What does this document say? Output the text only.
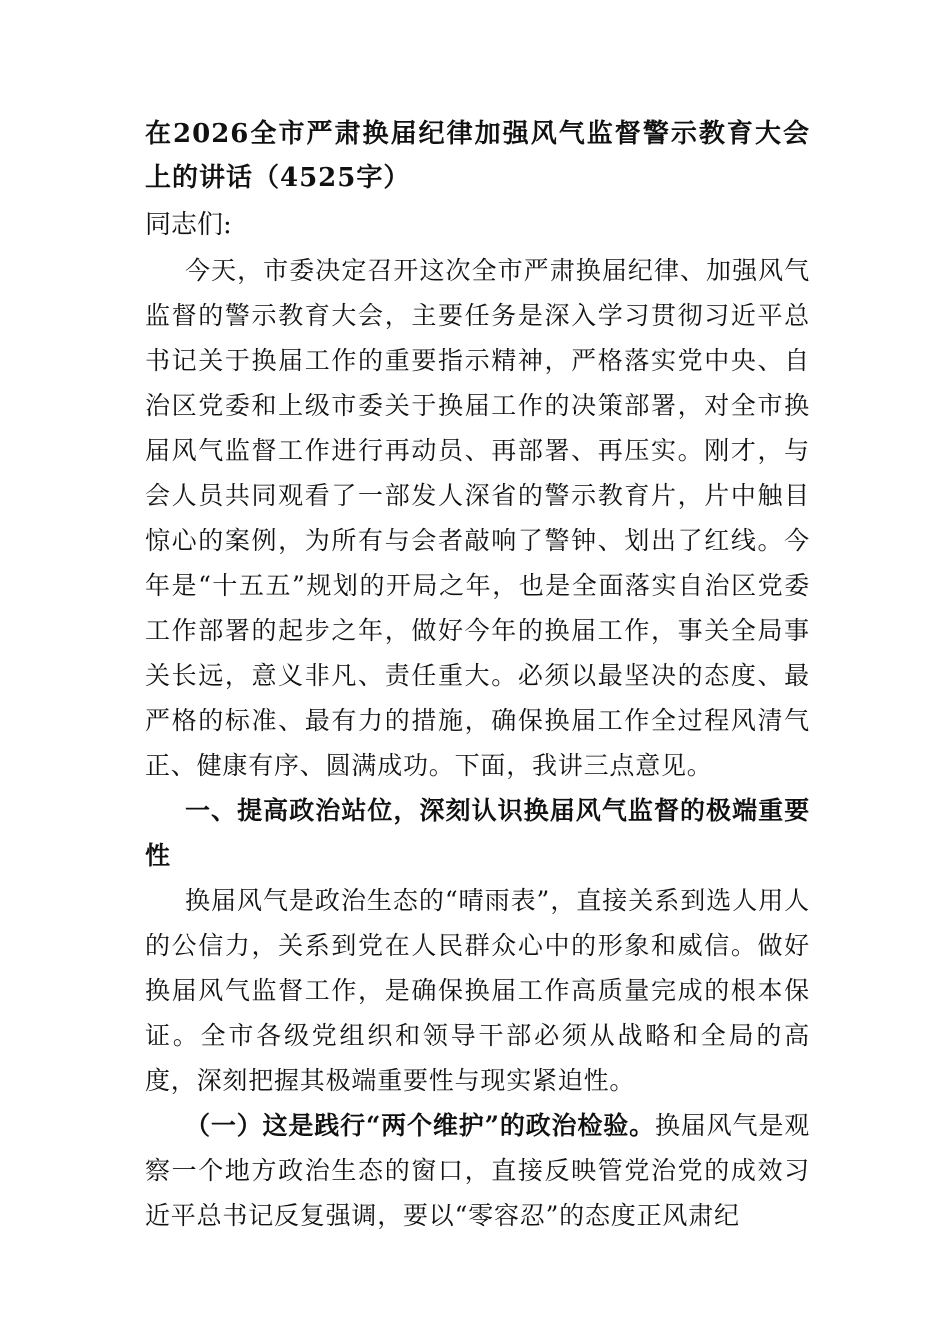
在2026全市严肃换届纪律加强风气监督警示教育大会上的讲话（4525字）
同志们:

今天，市委决定召开这次全市严肃换届纪律、加强风气监督的警示教育大会，主要任务是深入学习贯彻习近平总书记关于换届工作的重要指示精神，严格落实党中央、自治区党委和上级市委关于换届工作的决策部署，对全市换届风气监督工作进行再动员、再部署、再压实。刚才，与会人员共同观看了一部发人深省的警示教育片，片中触目惊心的案例，为所有与会者敲响了警钟、划出了红线。今年是“十五五”规划的开局之年，也是全面落实自治区党委工作部署的起步之年，做好今年的换届工作，事关全局事关长远，意义非凡、责任重大。必须以最坚决的态度、最严格的标准、最有力的措施，确保换届工作全过程风清气正、健康有序、圆满成功。下面，我讲三点意见。

一、提高政治站位，深刻认识换届风气监督的极端重要性

换届风气是政治生态的“晴雨表”，直接关系到选人用人的公信力，关系到党在人民群众心中的形象和威信。做好换届风气监督工作，是确保换届工作高质量完成的根本保证。全市各级党组织和领导干部必须从战略和全局的高度，深刻把握其极端重要性与现实紧迫性。

（一）这是践行“两个维护”的政治检验。换届风气是观察一个地方政治生态的窗口，直接反映管党治党的成效习近平总书记反复强调，要以“零容忍”的态度正风肃纪
